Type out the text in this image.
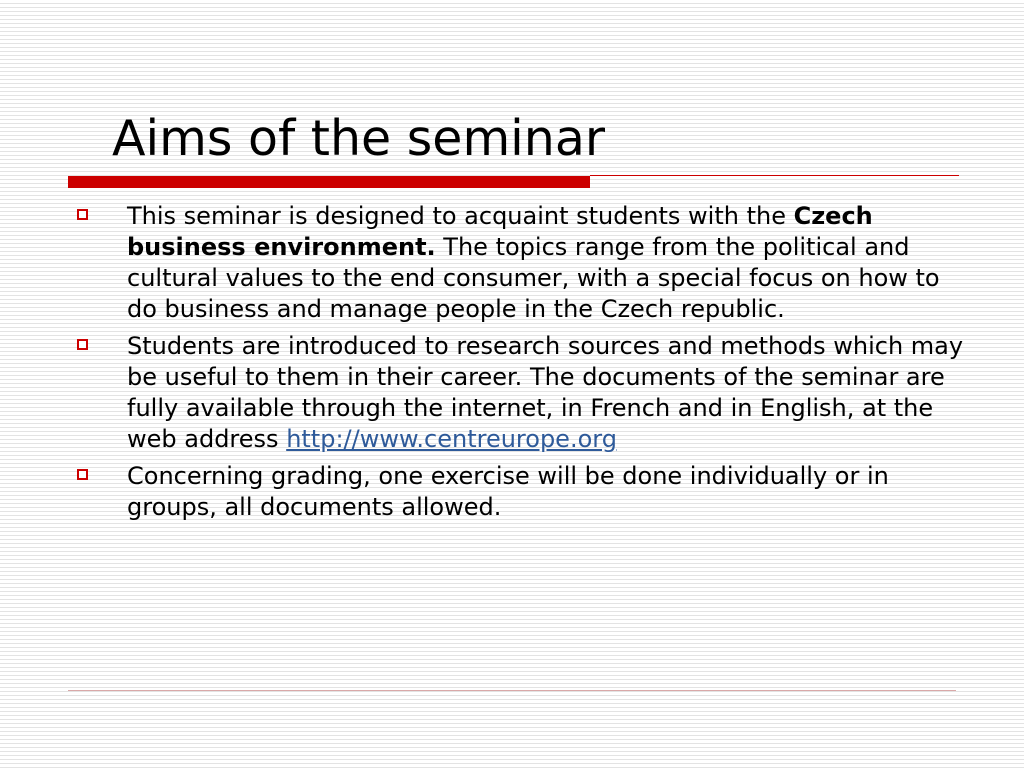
Aims of the seminar
This seminar is designed to acquaint students with the Czech business environment. The topics range from the political and cultural values to the end consumer, with a special focus on how to do business and manage people in the Czech republic.
Students are introduced to research sources and methods which may be useful to them in their career. The documents of the seminar are fully available through the internet, in French and in English, at the web address http://www.centreurope.org
Concerning grading, one exercise will be done individually or in groups, all documents allowed.
